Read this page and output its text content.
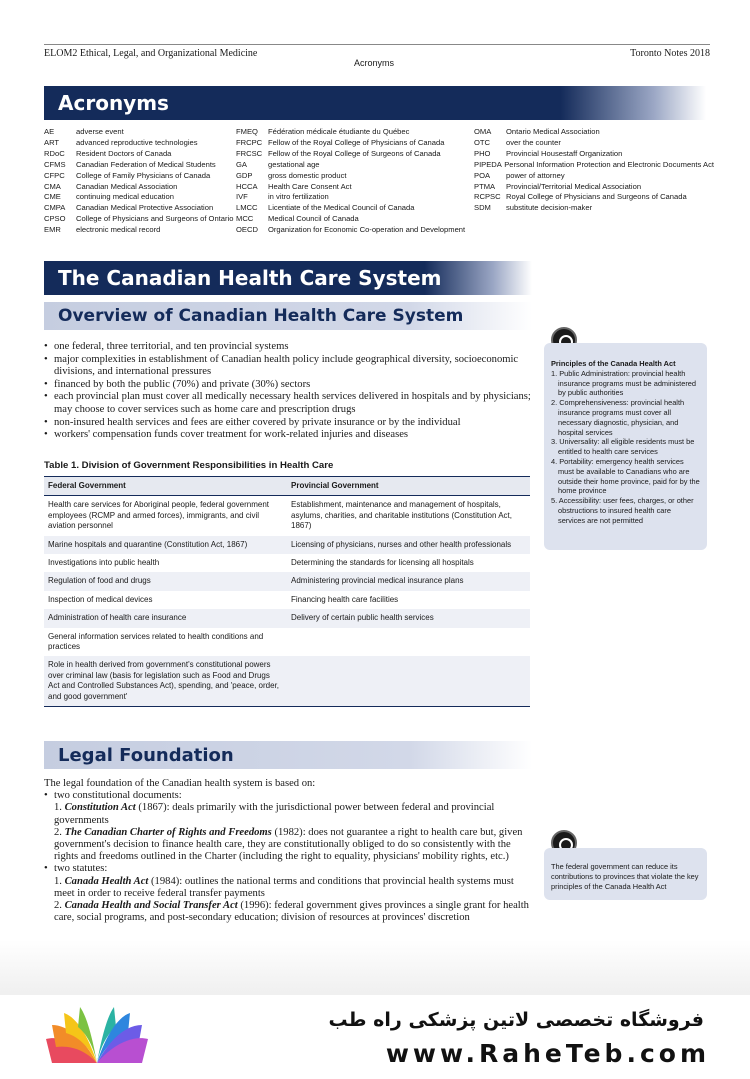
ELOM2 Ethical, Legal, and Organizational Medicine
Acronyms
Toronto Notes 2018
Acronyms
AE	adverse event
ART	advanced reproductive technologies
RDoC	Resident Doctors of Canada
CFMS	Canadian Federation of Medical Students
CFPC	College of Family Physicians of Canada
CMA	Canadian Medical Association
CME	continuing medical education
CMPA	Canadian Medical Protective Association
CPSO	College of Physicians and Surgeons of Ontario
EMR	electronic medical record
FMEQ	Fédération médicale étudiante du Québec
FRCPC Fellow of the Royal College of Physicians of Canada
FRCSC Fellow of the Royal College of Surgeons of Canada
GA	gestational age
GDP	gross domestic product
HCCA	Health Care Consent Act
IVF	in vitro fertilization
LMCC	Licentiate of the Medical Council of Canada
MCC	Medical Council of Canada
OECD	Organization for Economic Co-operation and Development
OMA	Ontario Medical Association
OTC	over the counter
PHO	Provincial Housestaff Organization
PIPEDA Personal Information Protection and Electronic Documents Act
POA	power of attorney
PTMA	Provincial/Territorial Medical Association
RCPSC Royal College of Physicians and Surgeons of Canada
SDM	substitute decision-maker
The Canadian Health Care System
Overview of Canadian Health Care System
• one federal, three territorial, and ten provincial systems
• major complexities in establishment of Canadian health policy include geographical diversity, socioeconomic divisions, and international pressures
• financed by both the public (70%) and private (30%) sectors
• each provincial plan must cover all medically necessary health services delivered in hospitals and by physicians; may choose to cover services such as home care and prescription drugs
• non-insured health services and fees are either covered by private insurance or by the individual
• workers' compensation funds cover treatment for work-related injuries and diseases
Table 1. Division of Government Responsibilities in Health Care
Federal Government	Provincial Government
Health care services for Aboriginal people, federal government employees (RCMP and armed forces), immigrants, and civil aviation personnel	Establishment, maintenance and management of hospitals, asylums, charities, and charitable institutions (Constitution Act, 1867)
Marine hospitals and quarantine (Constitution Act, 1867)	Licensing of physicians, nurses and other health professionals
Investigations into public health	Determining the standards for licensing all hospitals
Regulation of food and drugs	Administering provincial medical insurance plans
Inspection of medical devices	Financing health care facilities
Administration of health care insurance	Delivery of certain public health services
General information services related to health conditions and practices	
Role in health derived from government's constitutional powers over criminal law (basis for legislation such as Food and Drugs Act and Controlled Substances Act), spending, and 'peace, order, and good government'	
Legal Foundation
The legal foundation of the Canadian health system is based on:
• two constitutional documents:
1. Constitution Act (1867): deals primarily with the jurisdictional power between federal and provincial governments
2. The Canadian Charter of Rights and Freedoms (1982): does not guarantee a right to health care but, given government's decision to finance health care, they are constitutionally obliged to do so consistently with the rights and freedoms outlined in the Charter (including the right to equality, physicians' mobility rights, etc.)
• two statutes:
1. Canada Health Act (1984): outlines the national terms and conditions that provincial health systems must meet in order to receive federal transfer payments
2. Canada Health and Social Transfer Act (1996): federal government gives provinces a single grant for health care, social programs, and post-secondary education; division of resources at provinces' discretion
Principles of the Canada Health Act
1. Public Administration: provincial health insurance programs must be administered by public authorities
2. Comprehensiveness: provincial health insurance programs must cover all necessary diagnostic, physician, and hospital services
3. Universality: all eligible residents must be entitled to health care services
4. Portability: emergency health services must be available to Canadians who are outside their home province, paid for by the home province
5. Accessibility: user fees, charges, or other obstructions to insured health care services are not permitted
The federal government can reduce its contributions to provinces that violate the key principles of the Canada Health Act
فروشگاه تخصصی لاتین پزشکی راه طب
www.RaheTeb.com
